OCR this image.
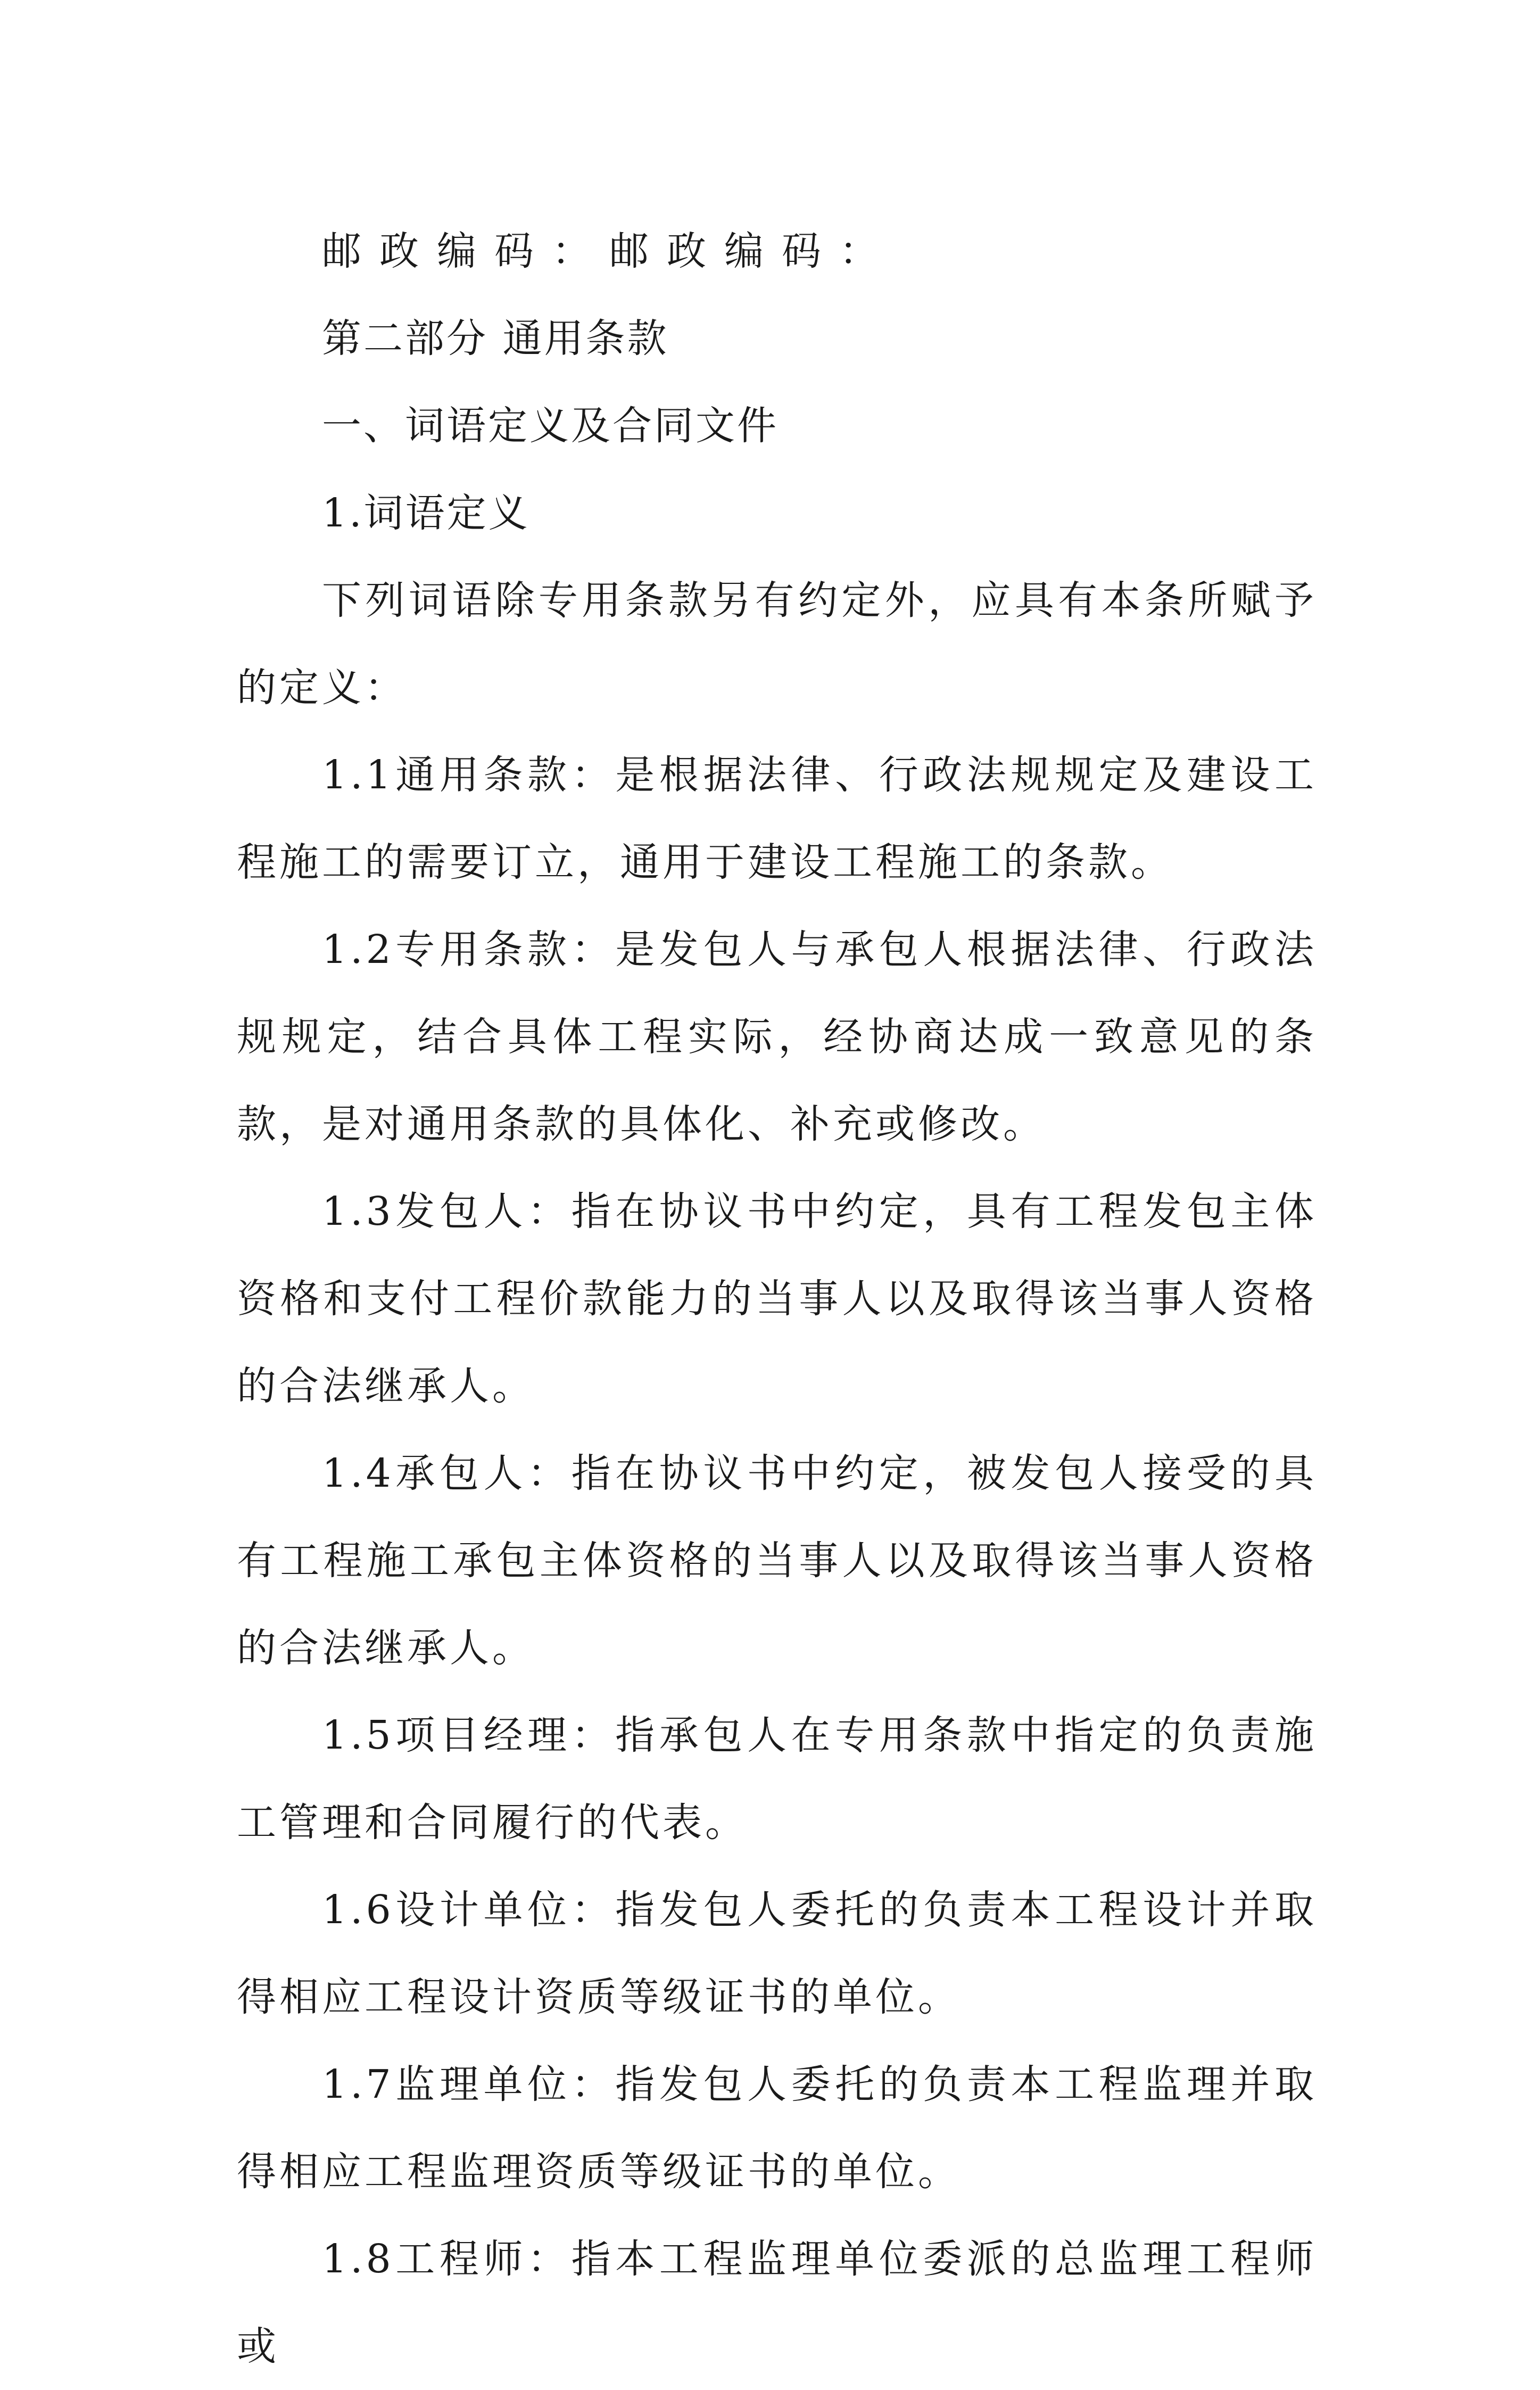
邮政编码：邮政编码：

第二部分 通用条款

一、词语定义及合同文件

1.词语定义

下列词语除专用条款另有约定外，应具有本条所赋予的定义：

1.1通用条款：是根据法律、行政法规规定及建设工程施工的需要订立，通用于建设工程施工的条款。

1.2专用条款：是发包人与承包人根据法律、行政法规规定，结合具体工程实际，经协商达成一致意见的条款，是对通用条款的具体化、补充或修改。

1.3发包人：指在协议书中约定，具有工程发包主体资格和支付工程价款能力的当事人以及取得该当事人资格的合法继承人。

1.4承包人：指在协议书中约定，被发包人接受的具有工程施工承包主体资格的当事人以及取得该当事人资格的合法继承人。

1.5项目经理：指承包人在专用条款中指定的负责施工管理和合同履行的代表。

1.6设计单位：指发包人委托的负责本工程设计并取得相应工程设计资质等级证书的单位。

1.7监理单位：指发包人委托的负责本工程监理并取得相应工程监理资质等级证书的单位。

1.8工程师：指本工程监理单位委派的总监理工程师或
